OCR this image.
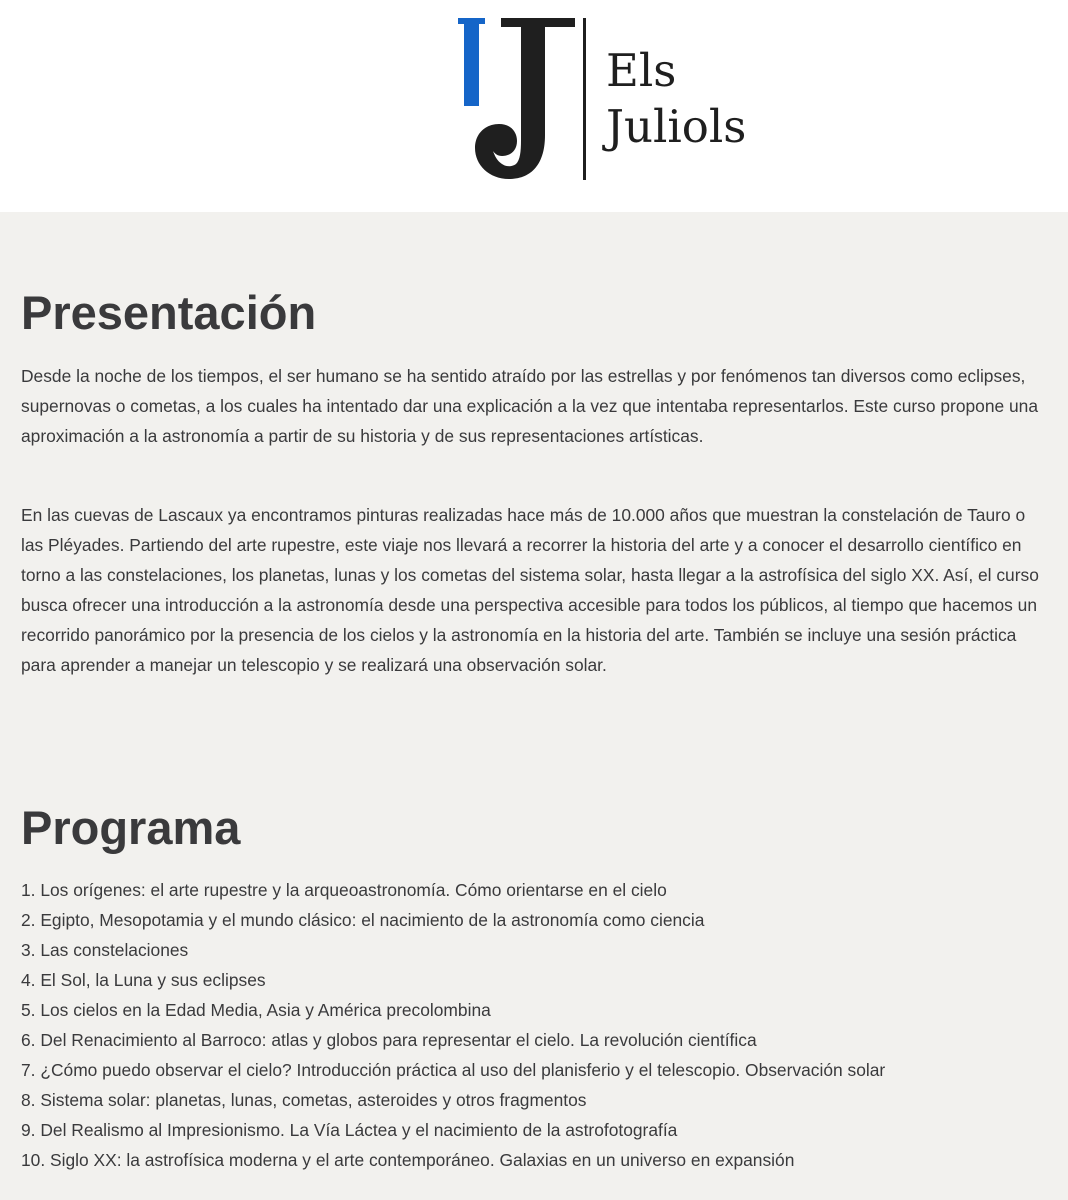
Els
Juliols
Presentación

Desde la noche de los tiempos, el ser humano se ha sentido atraído por las estrellas y por fenómenos tan diversos como eclipses, supernovas o cometas, a los cuales ha intentado dar una explicación a la vez que intentaba representarlos. Este curso propone una aproximación a la astronomía a partir de su historia y de sus representaciones artísticas.

En las cuevas de Lascaux ya encontramos pinturas realizadas hace más de 10.000 años que muestran la constelación de Tauro o las Pléyades. Partiendo del arte rupestre, este viaje nos llevará a recorrer la historia del arte y a conocer el desarrollo científico en torno a las constelaciones, los planetas, lunas y los cometas del sistema solar, hasta llegar a la astrofísica del siglo XX. Así, el curso busca ofrecer una introducción a la astronomía desde una perspectiva accesible para todos los públicos, al tiempo que hacemos un recorrido panorámico por la presencia de los cielos y la astronomía en la historia del arte. También se incluye una sesión práctica para aprender a manejar un telescopio y se realizará una observación solar.

Programa
1. Los orígenes: el arte rupestre y la arqueoastronomía. Cómo orientarse en el cielo
2. Egipto, Mesopotamia y el mundo clásico: el nacimiento de la astronomía como ciencia
3. Las constelaciones
4. El Sol, la Luna y sus eclipses
5. Los cielos en la Edad Media, Asia y América precolombina
6. Del Renacimiento al Barroco: atlas y globos para representar el cielo. La revolución científica
7. ¿Cómo puedo observar el cielo? Introducción práctica al uso del planisferio y el telescopio. Observación solar
8. Sistema solar: planetas, lunas, cometas, asteroides y otros fragmentos
9. Del Realismo al Impresionismo. La Vía Láctea y el nacimiento de la astrofotografía
10. Siglo XX: la astrofísica moderna y el arte contemporáneo. Galaxias en un universo en expansión
